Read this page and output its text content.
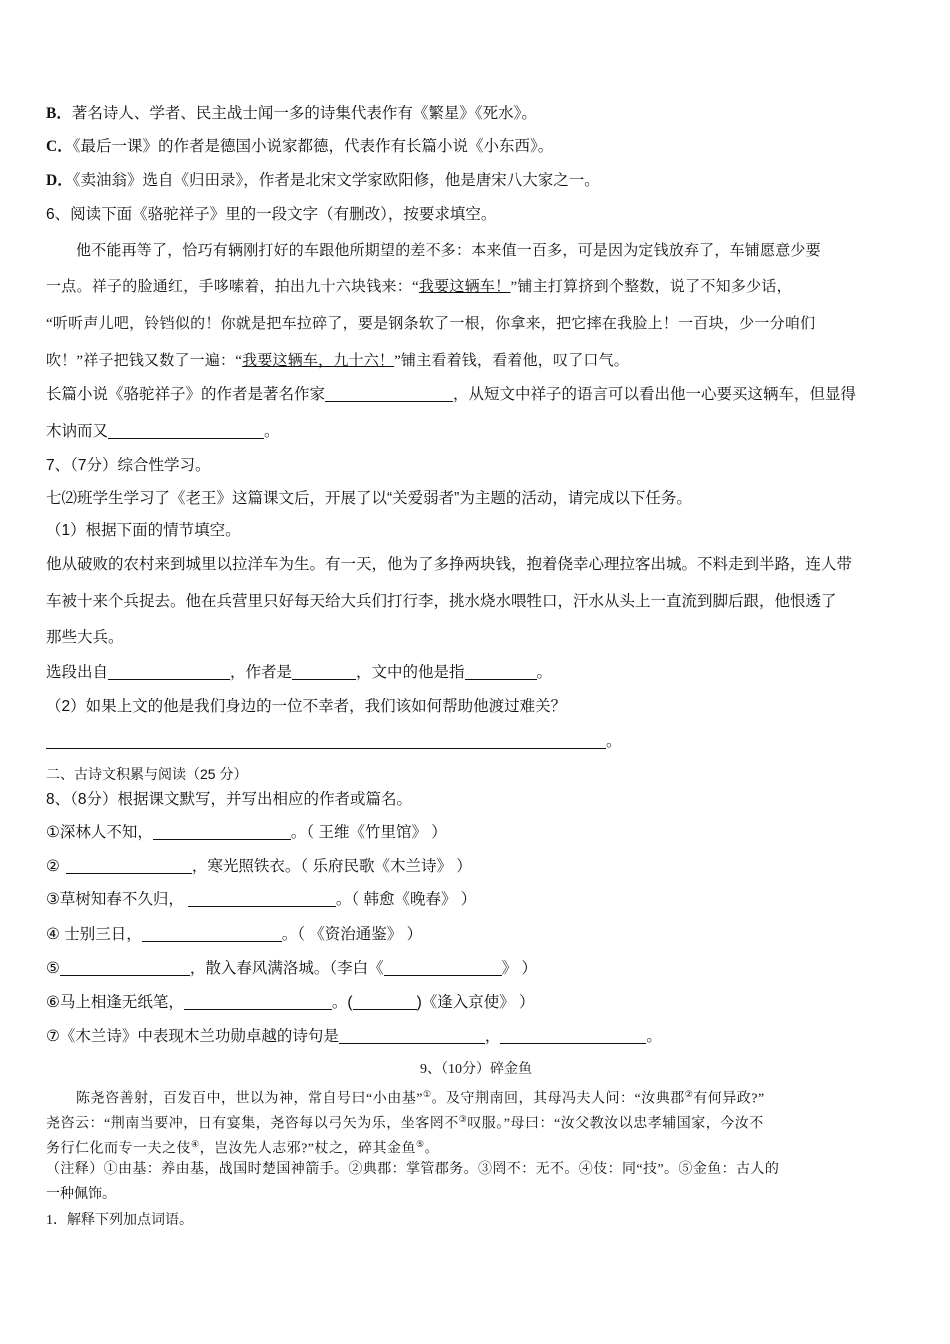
B．著名诗人、学者、民主战士闻一多的诗集代表作有《繁星》《死水》。
C．《最后一课》的作者是德国小说家都德，代表作有长篇小说《小东西》。
D．《卖油翁》选自《归田录》，作者是北宋文学家欧阳修，他是唐宋八大家之一。
6、阅读下面《骆驼祥子》里的一段文字（有删改），按要求填空。
他不能再等了，恰巧有辆刚打好的车跟他所期望的差不多：本来值一百多，可是因为定钱放弃了，车铺愿意少要
一点。祥子的脸通红，手哆嗦着，拍出九十六块钱来：“我要这辆车！”铺主打算挤到个整数，说了不知多少话，
“听听声儿吧，铃铛似的！你就是把车拉碎了，要是钢条软了一根，你拿来，把它摔在我脸上！一百块，少一分咱们
吹！”祥子把钱又数了一遍：“我要这辆车，九十六！”铺主看着钱，看着他，叹了口气。
长篇小说《骆驼祥子》的作者是著名作家	，从短文中祥子的语言可以看出他一心要买这辆车，但显得
木讷而又	。
7、（7分）综合性学习。
七⑵班学生学习了《老王》这篇课文后，开展了以“关爱弱者”为主题的活动，请完成以下任务。
（1）根据下面的情节填空。
他从破败的农村来到城里以拉洋车为生。有一天，他为了多挣两块钱，抱着侥幸心理拉客出城。不料走到半路，连人带
车被十来个兵捉去。他在兵营里只好每天给大兵们打行李，挑水烧水喂牲口，汗水从头上一直流到脚后跟，他恨透了
那些大兵。
选段出自	，作者是	，文中的他是指	。
（2）如果上文的他是我们身边的一位不幸者，我们该如何帮助他渡过难关？
。
二、古诗文积累与阅读（25 分）
8、（8分）根据课文默写，并写出相应的作者或篇名。
①深林人不知，	。（ 王维《竹里馆》 ）
②	，寒光照铁衣。（ 乐府民歌《木兰诗》 ）
③草树知春不久归，	。（ 韩愈《晚春》 ）
④ 士别三日，	。（ 《资治通鉴》 ）
⑤	，散入春风满洛城。（李白《	》 ）
⑥马上相逢无纸笔，	。(	)《逢入京使》 ）
⑦《木兰诗》中表现木兰功勋卓越的诗句是	，	。
9、（10分）碎金鱼
陈尧咨善射，百发百中，世以为神，常自号曰“小由基”①。及守荆南回，其母冯夫人问：“汝典郡②有何异政?”
尧咨云：“荆南当要冲，日有宴集，尧咨每以弓矢为乐，坐客罔不③叹服。”母曰：“汝父教汝以忠孝辅国家，今汝不
务行仁化而专一夫之伎④，岂汝先人志邪?”杖之，碎其金鱼⑤。
（注释）①由基：养由基，战国时楚国神箭手。②典郡：掌管郡务。③罔不：无不。④伎：同“技”。⑤金鱼：古人的
一种佩饰。
1．解释下列加点词语。
